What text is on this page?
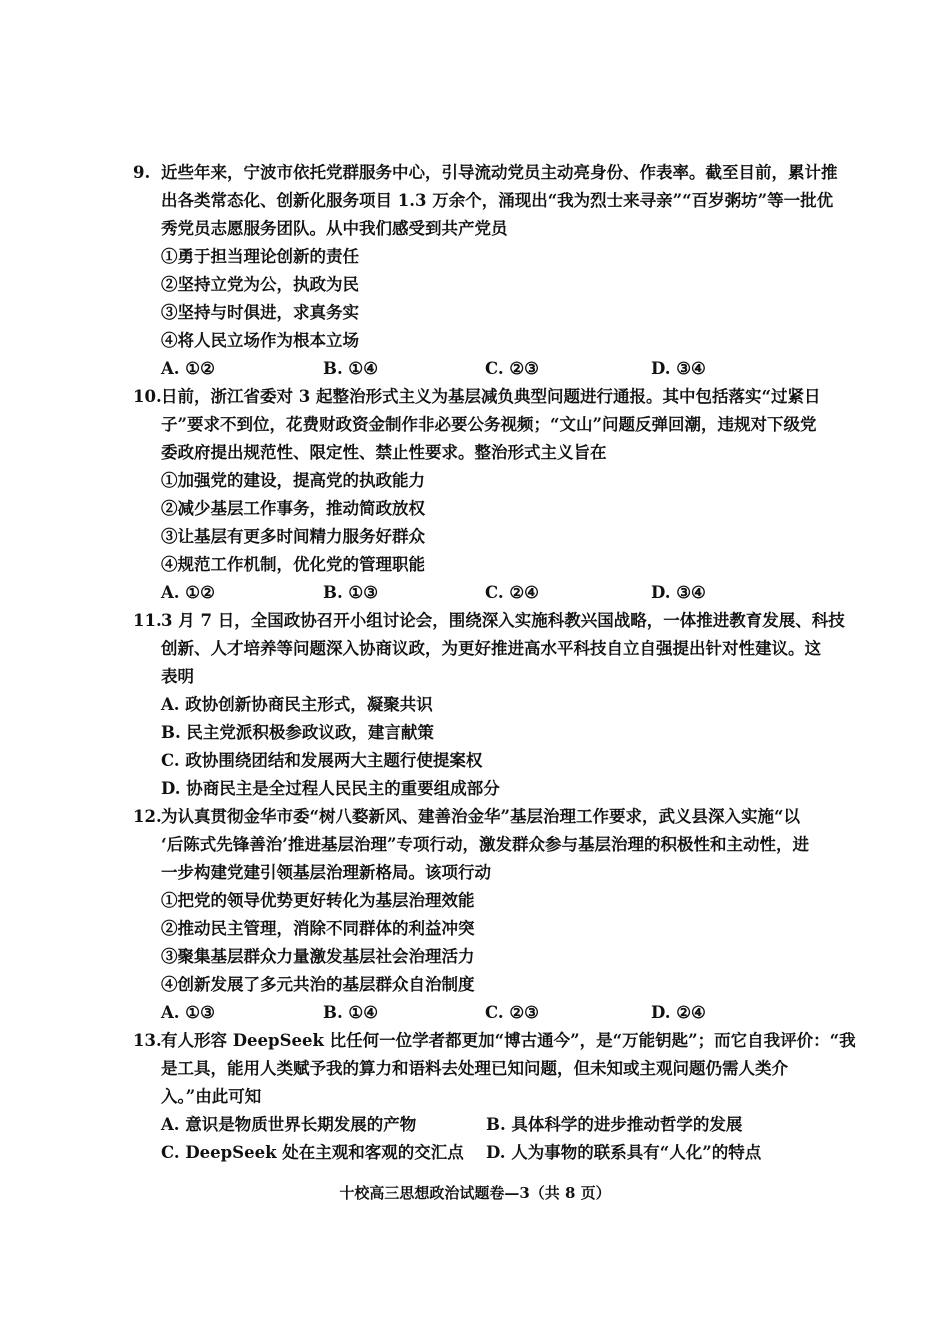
9. 近些年来，宁波市依托党群服务中心，引导流动党员主动亮身份、作表率。截至目前，累计推
出各类常态化、创新化服务项目 1.3 万余个，涌现出“我为烈士来寻亲”“百岁粥坊”等一批优
秀党员志愿服务团队。从中我们感受到共产党员
①勇于担当理论创新的责任
②坚持立党为公，执政为民
③坚持与时俱进，求真务实
④将人民立场作为根本立场
A. ①②	B. ①④	C. ②③	D. ③④
10. 日前，浙江省委对 3 起整治形式主义为基层减负典型问题进行通报。其中包括落实“过紧日
子”要求不到位，花费财政资金制作非必要公务视频；“文山”问题反弹回潮，违规对下级党
委政府提出规范性、限定性、禁止性要求。整治形式主义旨在
①加强党的建设，提高党的执政能力
②减少基层工作事务，推动简政放权
③让基层有更多时间精力服务好群众
④规范工作机制，优化党的管理职能
A. ①②	B. ①③	C. ②④	D. ③④
11. 3 月 7 日，全国政协召开小组讨论会，围绕深入实施科教兴国战略，一体推进教育发展、科技
创新、人才培养等问题深入协商议政，为更好推进高水平科技自立自强提出针对性建议。这
表明
A. 政协创新协商民主形式，凝聚共识
B. 民主党派积极参政议政，建言献策
C. 政协围绕团结和发展两大主题行使提案权
D. 协商民主是全过程人民民主的重要组成部分
12. 为认真贯彻金华市委“树八婺新风、建善治金华”基层治理工作要求，武义县深入实施“以
‘后陈式先锋善治’推进基层治理”专项行动，激发群众参与基层治理的积极性和主动性，进
一步构建党建引领基层治理新格局。该项行动
①把党的领导优势更好转化为基层治理效能
②推动民主管理，消除不同群体的利益冲突
③聚集基层群众力量激发基层社会治理活力
④创新发展了多元共治的基层群众自治制度
A. ①③	B. ①④	C. ②③	D. ②④
13. 有人形容 DeepSeek 比任何一位学者都更加“博古通今”，是“万能钥匙”；而它自我评价：“我
是工具，能用人类赋予我的算力和语料去处理已知问题，但未知或主观问题仍需人类介
入。”由此可知
A. 意识是物质世界长期发展的产物	B. 具体科学的进步推动哲学的发展
C. DeepSeek 处在主观和客观的交汇点 D. 人为事物的联系具有“人化”的特点
十校高三思想政治试题卷—3（共 8 页）
